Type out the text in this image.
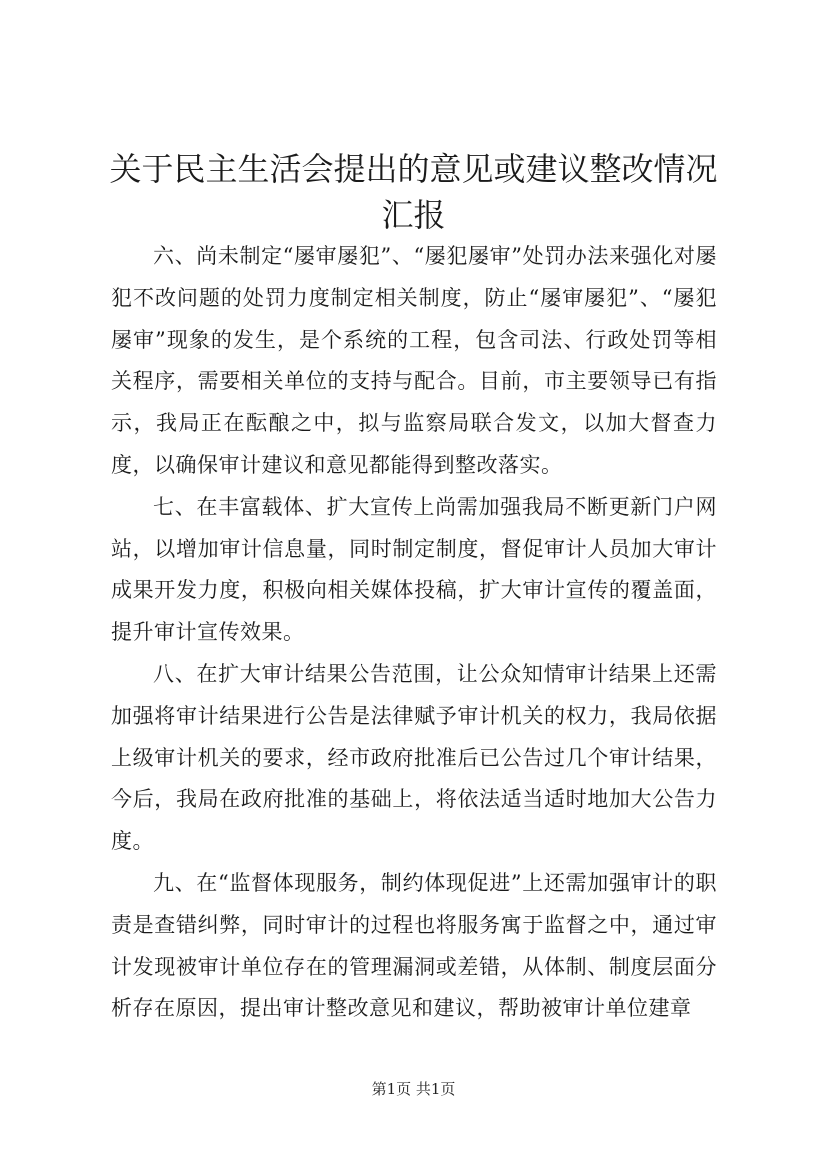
关于民主生活会提出的意见或建议整改情况汇报

六、尚未制定“屡审屡犯”、“屡犯屡审”处罚办法来强化对屡犯不改问题的处罚力度制定相关制度，防止“屡审屡犯”、“屡犯屡审”现象的发生，是个系统的工程，包含司法、行政处罚等相关程序，需要相关单位的支持与配合。目前，市主要领导已有指示，我局正在酝酿之中，拟与监察局联合发文，以加大督查力度，以确保审计建议和意见都能得到整改落实。

七、在丰富载体、扩大宣传上尚需加强我局不断更新门户网站，以增加审计信息量，同时制定制度，督促审计人员加大审计成果开发力度，积极向相关媒体投稿，扩大审计宣传的覆盖面，提升审计宣传效果。

八、在扩大审计结果公告范围，让公众知情审计结果上还需加强将审计结果进行公告是法律赋予审计机关的权力，我局依据上级审计机关的要求，经市政府批准后已公告过几个审计结果，今后，我局在政府批准的基础上，将依法适当适时地加大公告力度。

九、在“监督体现服务，制约体现促进”上还需加强审计的职责是查错纠弊，同时审计的过程也将服务寓于监督之中，通过审计发现被审计单位存在的管理漏洞或差错，从体制、制度层面分析存在原因，提出审计整改意见和建议，帮助被审计单位建章

第1页 共1页
